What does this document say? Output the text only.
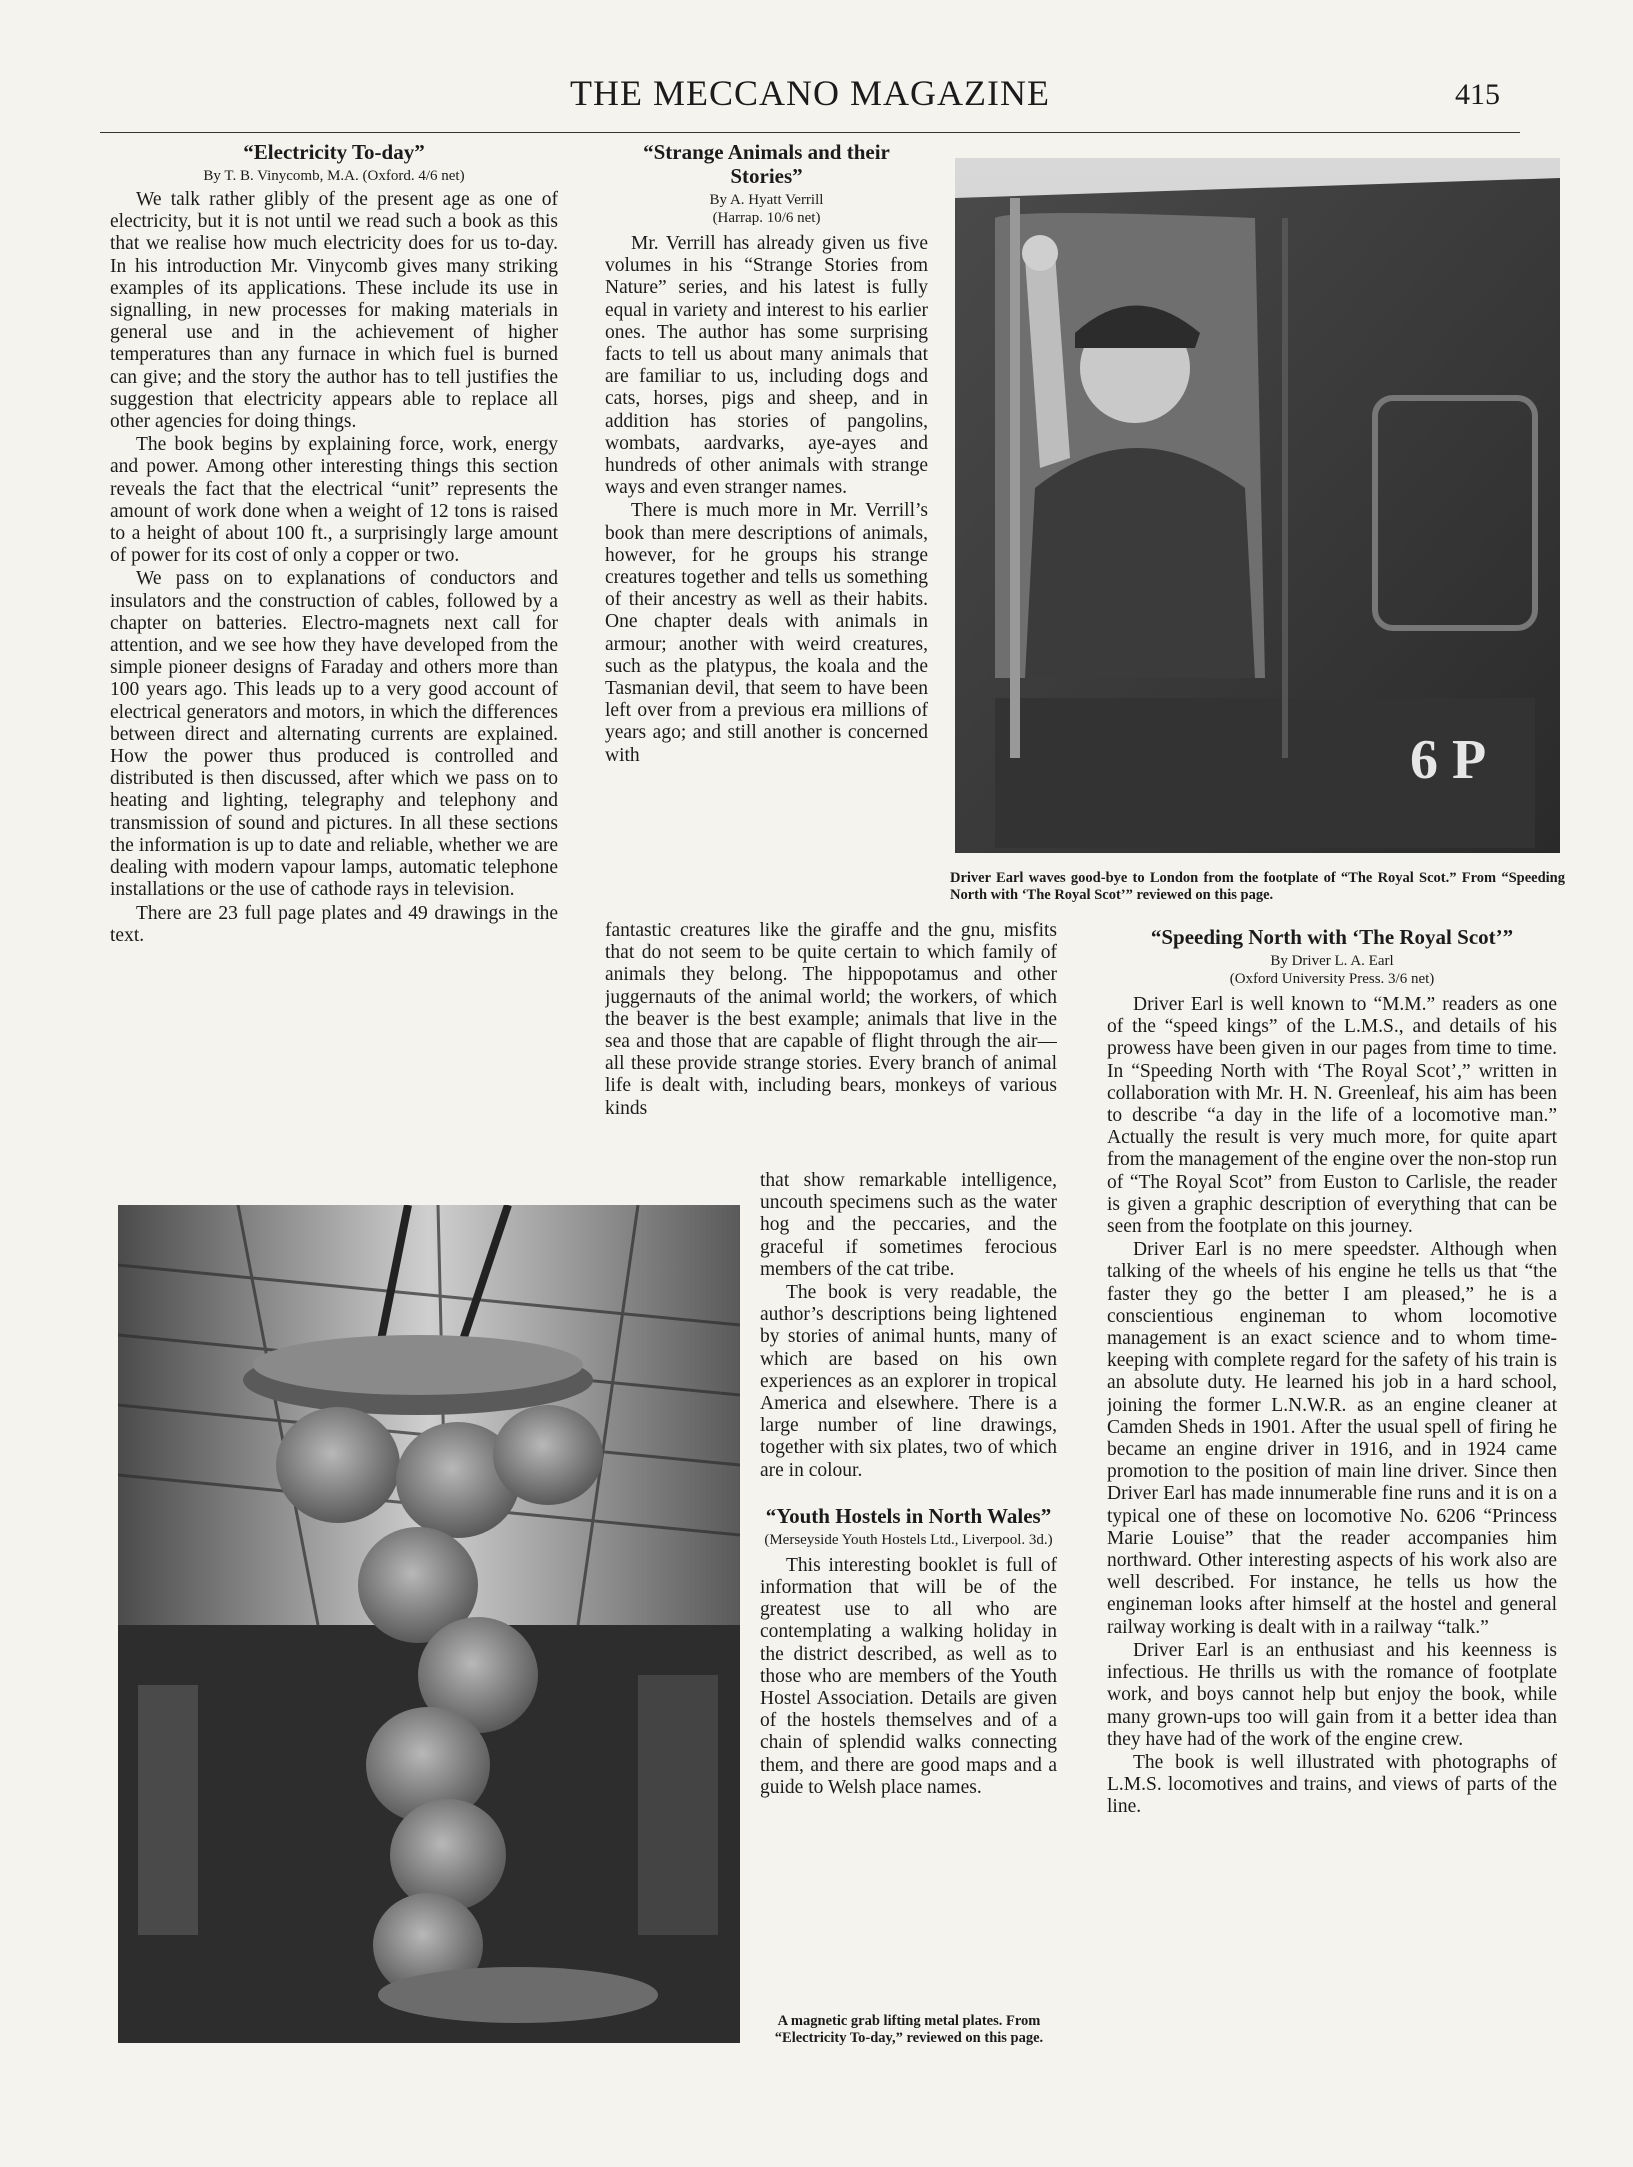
THE MECCANO MAGAZINE	415
“Electricity To-day”
By T. B. Vinycomb, M.A. (Oxford. 4/6 net)

We talk rather glibly of the present age as one of electricity, but it is not until we read such a book as this that we realise how much electricity does for us to-day. In his introduction Mr. Vinycomb gives many striking examples of its applications. These include its use in signalling, in new processes for making materials in general use and in the achievement of higher temperatures than any furnace in which fuel is burned can give; and the story the author has to tell justifies the suggestion that electricity appears able to replace all other agencies for doing things.

The book begins by explaining force, work, energy and power. Among other interesting things this section reveals the fact that the electrical “unit” represents the amount of work done when a weight of 12 tons is raised to a height of about 100 ft., a surprisingly large amount of power for its cost of only a copper or two.

We pass on to explanations of conductors and insulators and the construction of cables, followed by a chapter on batteries. Electro-magnets next call for attention, and we see how they have developed from the simple pioneer designs of Faraday and others more than 100 years ago. This leads up to a very good account of electrical generators and motors, in which the differences between direct and alternating currents are explained. How the power thus produced is controlled and distributed is then discussed, after which we pass on to heating and lighting, telegraphy and telephony and transmission of sound and pictures. In all these sections the information is up to date and reliable, whether we are dealing with modern vapour lamps, automatic telephone installations or the use of cathode rays in television.

There are 23 full page plates and 49 drawings in the text.

“Strange Animals and their Stories”
By A. Hyatt Verrill
(Harrap. 10/6 net)

Mr. Verrill has already given us five volumes in his “Strange Stories from Nature” series, and his latest is fully equal in variety and interest to his earlier ones. The author has some surprising facts to tell us about many animals that are familiar to us, including dogs and cats, horses, pigs and sheep, and in addition has stories of pangolins, wombats, aardvarks, aye-ayes and hundreds of other animals with strange ways and even stranger names.

There is much more in Mr. Verrill’s book than mere descriptions of animals, however, for he groups his strange creatures together and tells us something of their ancestry as well as their habits. One chapter deals with animals in armour; another with weird creatures, such as the platypus, the koala and the Tasmanian devil, that seem to have been left over from a previous era millions of years ago; and still another is concerned with

fantastic creatures like the giraffe and the gnu, misfits that do not seem to be quite certain to which family of animals they belong. The hippopotamus and other juggernauts of the animal world; the workers, of which the beaver is the best example; animals that live in the sea and those that are capable of flight through the air—all these provide strange stories. Every branch of animal life is dealt with, including bears, monkeys of various kinds

that show remarkable intelligence, uncouth specimens such as the water hog and the peccaries, and the graceful if sometimes ferocious members of the cat tribe.

The book is very readable, the author’s descriptions being lightened by stories of animal hunts, many of which are based on his own experiences as an explorer in tropical America and elsewhere. There is a large number of line drawings, together with six plates, two of which are in colour.

“Youth Hostels in North Wales”
(Merseyside Youth Hostels Ltd., Liverpool. 3d.)

This interesting booklet is full of information that will be of the greatest use to all who are contemplating a walking holiday in the district described, as well as to those who are members of the Youth Hostel Association. Details are given of the hostels themselves and of a chain of splendid walks connecting them, and there are good maps and a guide to Welsh place names.

“Speeding North with ‘The Royal Scot’”
By Driver L. A. Earl
(Oxford University Press. 3/6 net)

Driver Earl is well known to “M.M.” readers as one of the “speed kings” of the L.M.S., and details of his prowess have been given in our pages from time to time. In “Speeding North with ‘The Royal Scot’,” written in collaboration with Mr. H. N. Greenleaf, his aim has been to describe “a day in the life of a locomotive man.” Actually the result is very much more, for quite apart from the management of the engine over the non-stop run of “The Royal Scot” from Euston to Carlisle, the reader is given a graphic description of everything that can be seen from the footplate on this journey.

Driver Earl is no mere speedster. Although when talking of the wheels of his engine he tells us that “the faster they go the better I am pleased,” he is a conscientious engineman to whom locomotive management is an exact science and to whom time-keeping with complete regard for the safety of his train is an absolute duty. He learned his job in a hard school, joining the former L.N.W.R. as an engine cleaner at Camden Sheds in 1901. After the usual spell of firing he became an engine driver in 1916, and in 1924 came promotion to the position of main line driver. Since then Driver Earl has made innumerable fine runs and it is on a typical one of these on locomotive No. 6206 “Princess Marie Louise” that the reader accompanies him northward. Other interesting aspects of his work also are well described. For instance, he tells us how the engineman looks after himself at the hostel and general railway working is dealt with in a railway “talk.”

Driver Earl is an enthusiast and his keenness is infectious. He thrills us with the romance of footplate work, and boys cannot help but enjoy the book, while many grown-ups too will gain from it a better idea than they have had of the work of the engine crew.

The book is well illustrated with photographs of L.M.S. locomotives and trains, and views of parts of the line.

6 P
Driver Earl waves good-bye to London from the footplate of “The Royal Scot.” From “Speeding North with ‘The Royal Scot’” reviewed on this page.
A magnetic grab lifting metal plates. From “Electricity To-day,” reviewed on this page.
